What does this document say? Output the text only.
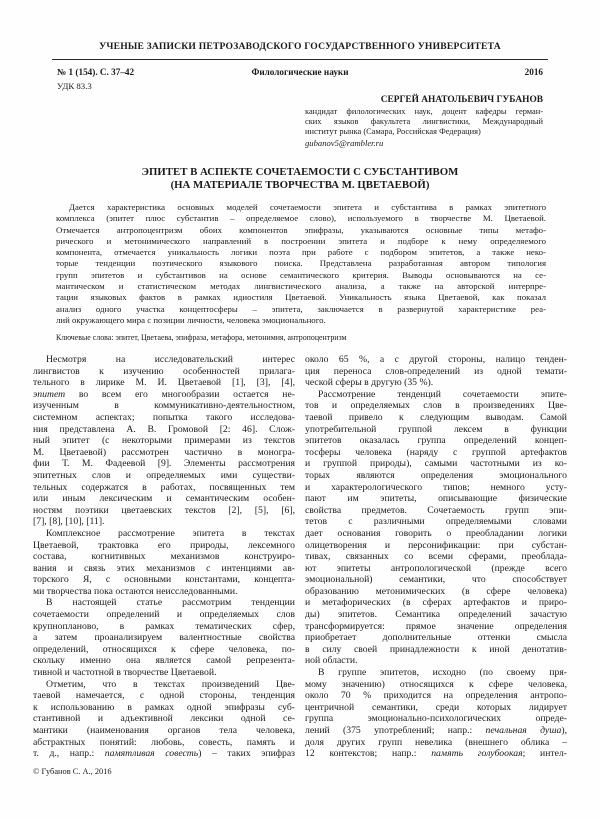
УЧЕНЫЕ ЗАПИСКИ ПЕТРОЗАВОДСКОГО ГОСУДАРСТВЕННОГО УНИВЕРСИТЕТА
№ 1 (154). С. 37–42	Филологические науки	2016
УДК 83.3
СЕРГЕЙ АНАТОЛЬЕВИЧ ГУБАНОВ
кандидат филологических наук, доцент кафедры герман-
ских языков факультета лингвистики, Международный
институт рынка (Самара, Российская Федерация)
gubanov5@rambler.ru
ЭПИТЕТ В АСПЕКТЕ СОЧЕТАЕМОСТИ С СУБСТАНТИВОМ
(НА МАТЕРИАЛЕ ТВОРЧЕСТВА М. ЦВЕТАЕВОЙ)
Дается характеристика основных моделей сочетаемости эпитета и субстантива в рамках эпитетного
комплекса (эпитет плюс субстантив – определяемое слово), используемого в творчестве М. Цветаевой.
Отмечается антропоцентризм обоих компонентов эпифразы, указываются основные типы метафо-
рического и метонимического направлений в построении эпитета и подборе к нему определяемого
компонента, отмечается уникальность логики поэта при работе с подбором эпитетов, а также неко-
торые тенденции поэтического языкового поиска. Представлена разработанная автором типология
групп эпитетов и субстантивов на основе семантического критерия. Выводы основываются на се-
мантическом и статистическом методах лингвистического анализа, а также на авторской интерпре-
тации языковых фактов в рамках идиостиля Цветаевой. Уникальность языка Цветаевой, как показал
анализ одного участка концептосферы – эпитета, заключается в развернутой характеристике реа-
лий окружающего мира с позиции личности, человека эмоционального.
Ключевые слова: эпитет, Цветаева, эпифраза, метафора, метонимия, антропоцентризм
Несмотря на исследовательский интерес
лингвистов к изучению особенностей прилага-
тельного в лирике М. И. Цветаевой [1], [3], [4],
эпитет во всем его многообразии остается не-
изученным в коммуникативно-деятельностном,
системном аспектах; попытка такого исследова-
ния представлена А. В. Громовой [2: 46]. Слож-
ный эпитет (с некоторыми примерами из текстов
М. Цветаевой) рассмотрен частично в моногра-
фии Т. М. Фадеевой [9]. Элементы рассмотрения
эпитетных слов и определяемых ими существи-
тельных содержатся в работах, посвященных тем
или иным лексическим и семантическим особен-
ностям поэтики цветаевских текстов [2], [5], [6],
[7], [8], [10], [11].
Комплексное рассмотрение эпитета в текстах
Цветаевой, трактовка его природы, лексемного
состава, когнитивных механизмов конструиро-
вания и связь этих механизмов с интенциями ав-
торского Я, с основными константами, концепта-
ми творчества пока остаются неисследованными.
В настоящей статье рассмотрим тенденции
сочетаемости определений и определяемых слов
крупнопланово, в рамках тематических сфер,
а затем проанализируем валентностные свойства
определений, относящихся к сфере человека, по-
скольку именно она является самой репрезента-
тивной и частотной в творчестве Цветаевой.
Отметим, что в текстах произведений Цве-
таевой намечается, с одной стороны, тенденция
к использованию в рамках одной эпифразы суб-
стантивной и адъективной лексики одной се-
мантики (наименования органов тела человека,
абстрактных понятий: любовь, совесть, память и
т. д., напр.: памятливая совесть) – таких эпифраз
около 65 %, а с другой стороны, налицо тенден-
ция переноса слов-определений из одной темати-
ческой сферы в другую (35 %).
Рассмотрение тенденций сочетаемости эпите-
тов и определяемых слов в произведениях Цве-
таевой привело к следующим выводам. Самой
употребительной группой лексем в функции
эпитетов оказалась группа определений концеп-
тосферы человека (наряду с группой артефактов
и группой природы), самыми частотными из ко-
торых являются определения эмоционального
и характерологического типов; немного усту-
пают им эпитеты, описывающие физические
свойства предметов. Сочетаемость групп эпи-
тетов с различными определяемыми словами
дает основания говорить о преобладании логики
олицетворения и персонификации: при субстан-
тивах, связанных со всеми сферами, преоблада-
ют эпитеты антропологической (прежде всего
эмоциональной) семантики, что способствует
образованию метонимических (в сфере человека)
и метафорических (в сферах артефактов и приро-
ды) эпитетов. Семантика определений зачастую
трансформируется: прямое значение определения
приобретает дополнительные оттенки смысла
в силу своей принадлежности к иной денотатив-
ной области.
В группе эпитетов, исходно (по своему пря-
мому значению) относящихся к сфере человека,
около 70 % приходится на определения антропо-
центричной семантики, среди которых лидирует
группа эмоционально-психологических опреде-
лений (375 употреблений; напр.: печальная душа),
доля других групп невелика (внешнего облика –
12 контекстов; напр.: память голубоокая; интел-
© Губанов С. А., 2016
